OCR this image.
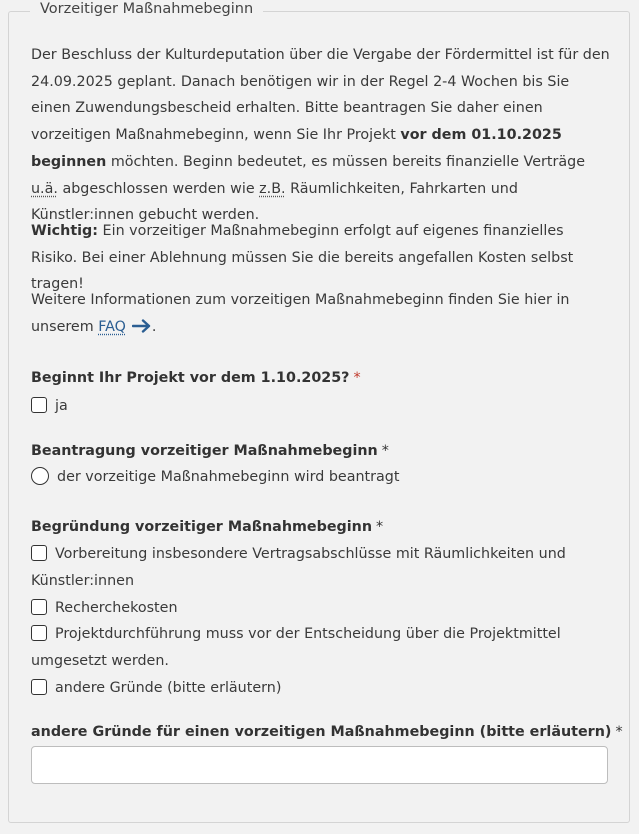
Vorzeitiger Maßnahmebeginn
Der Beschluss der Kulturdeputation über die Vergabe der Fördermittel ist für den 24.09.2025 geplant. Danach benötigen wir in der Regel 2-4 Wochen bis Sie einen Zuwendungsbescheid erhalten. Bitte beantragen Sie daher einen vorzeitigen Maßnahmebeginn, wenn Sie Ihr Projekt vor dem 01.10.2025 beginnen möchten. Beginn bedeutet, es müssen bereits finanzielle Verträge u.ä. abgeschlossen werden wie z.B. Räumlichkeiten, Fahrkarten und Künstler:innen gebucht werden.
Wichtig: Ein vorzeitiger Maßnahmebeginn erfolgt auf eigenes finanzielles Risiko. Bei einer Ablehnung müssen Sie die bereits angefallen Kosten selbst tragen!
Weitere Informationen zum vorzeitigen Maßnahmebeginn finden Sie hier in unserem FAQ .
Beginnt Ihr Projekt vor dem 1.10.2025? *
ja
Beantragung vorzeitiger Maßnahmebeginn *
der vorzeitige Maßnahmebeginn wird beantragt
Begründung vorzeitiger Maßnahmebeginn *
Vorbereitung insbesondere Vertragsabschlüsse mit Räumlichkeiten und Künstler:innen
Recherchekosten
Projektdurchführung muss vor der Entscheidung über die Projektmittel umgesetzt werden.
andere Gründe (bitte erläutern)
andere Gründe für einen vorzeitigen Maßnahmebeginn (bitte erläutern) *
